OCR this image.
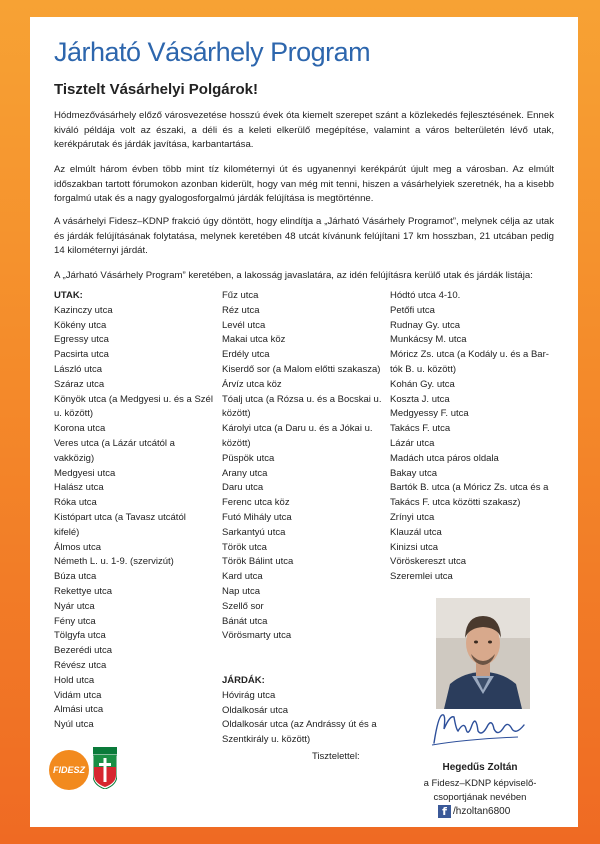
Járható Vásárhely Program
Tisztelt Vásárhelyi Polgárok!

Hódmezővásárhely előző városvezetése hosszú évek óta kiemelt szerepet szánt a közlekedés fejlesztésének. Ennek kiváló példája volt az északi, a déli és a keleti elkerülő megépítése, valamint a város belterületén lévő utak, kerékpárutak és járdák javítása, karbantartása.

Az elmúlt három évben több mint tíz kilométernyi út és ugyanennyi kerékpárút újult meg a városban. Az elmúlt időszakban tartott fórumokon azonban kiderült, hogy van még mit tenni, hiszen a vásárhelyiek szeretnék, ha a kisebb forgalmú utak és a nagy gyalogosforgalmú járdák felújítása is megtörténne.

A vásárhelyi Fidesz–KDNP frakció úgy döntött, hogy elindítja a „Járható Vásárhely Programot”, melynek célja az utak és járdák felújításának folytatása, melynek keretében 48 utcát kívánunk felújítani 17 km hosszban, 21 utcában pedig 14 kilométernyi járdát.

A „Járható Vásárhely Program” keretében, a lakosság javaslatára, az idén felújításra kerülő utak és járdák listája:

UTAK:
Kazinczy utca
Kökény utca
Egressy utca
Pacsirta utca
László utca
Száraz utca
Könyök utca (a Medgyesi u. és a Szél
u. között)
Korona utca
Veres utca (a Lázár utcától a
vakközig)
Medgyesi utca
Halász utca
Róka utca
Kistópart utca (a Tavasz utcától
kifelé)
Álmos utca
Németh L. u. 1-9. (szervizút)
Búza utca
Rekettye utca
Nyár utca
Fény utca
Tölgyfa utca
Bezerédi utca
Révész utca
Hold utca
Vidám utca
Almási utca
Nyúl utca
Fűz utca
Réz utca
Levél utca
Makai utca köz
Erdély utca
Kiserdő sor (a Malom előtti szakasza)
Árvíz utca köz
Tóalj utca (a Rózsa u. és a Bocskai u.
között)
Károlyi utca (a Daru u. és a Jókai u.
között)
Püspök utca
Arany utca
Daru utca
Ferenc utca köz
Futó Mihály utca
Sarkantyú utca
Török utca
Török Bálint utca
Kard utca
Nap utca
Szellő sor
Bánát utca
Vörösmarty utca
Hódtó utca 4-10.
Petőfi utca
Rudnay Gy. utca
Munkácsy M. utca
Móricz Zs. utca (a Kodály u. és a Bar-
tók B. u. között)
Kohán Gy. utca
Koszta J. utca
Medgyessy F. utca
Takács F. utca
Lázár utca
Madách utca páros oldala
Bakay utca
Bartók B. utca (a Móricz Zs. utca és a
Takács F. utca közötti szakasz)
Zrínyi utca
Klauzál utca
Kinizsi utca
Vöröskereszt utca
Szeremlei utca
JÁRDÁK:
Hóvirág utca
Oldalkosár utca
Oldalkosár utca (az Andrássy út és a
Szentkirály u. között)
Tisztelettel:
Hegedűs Zoltán
a Fidesz–KDNP képviselő-
csoportjának nevében
f /hzoltan6800
FIDESZ
